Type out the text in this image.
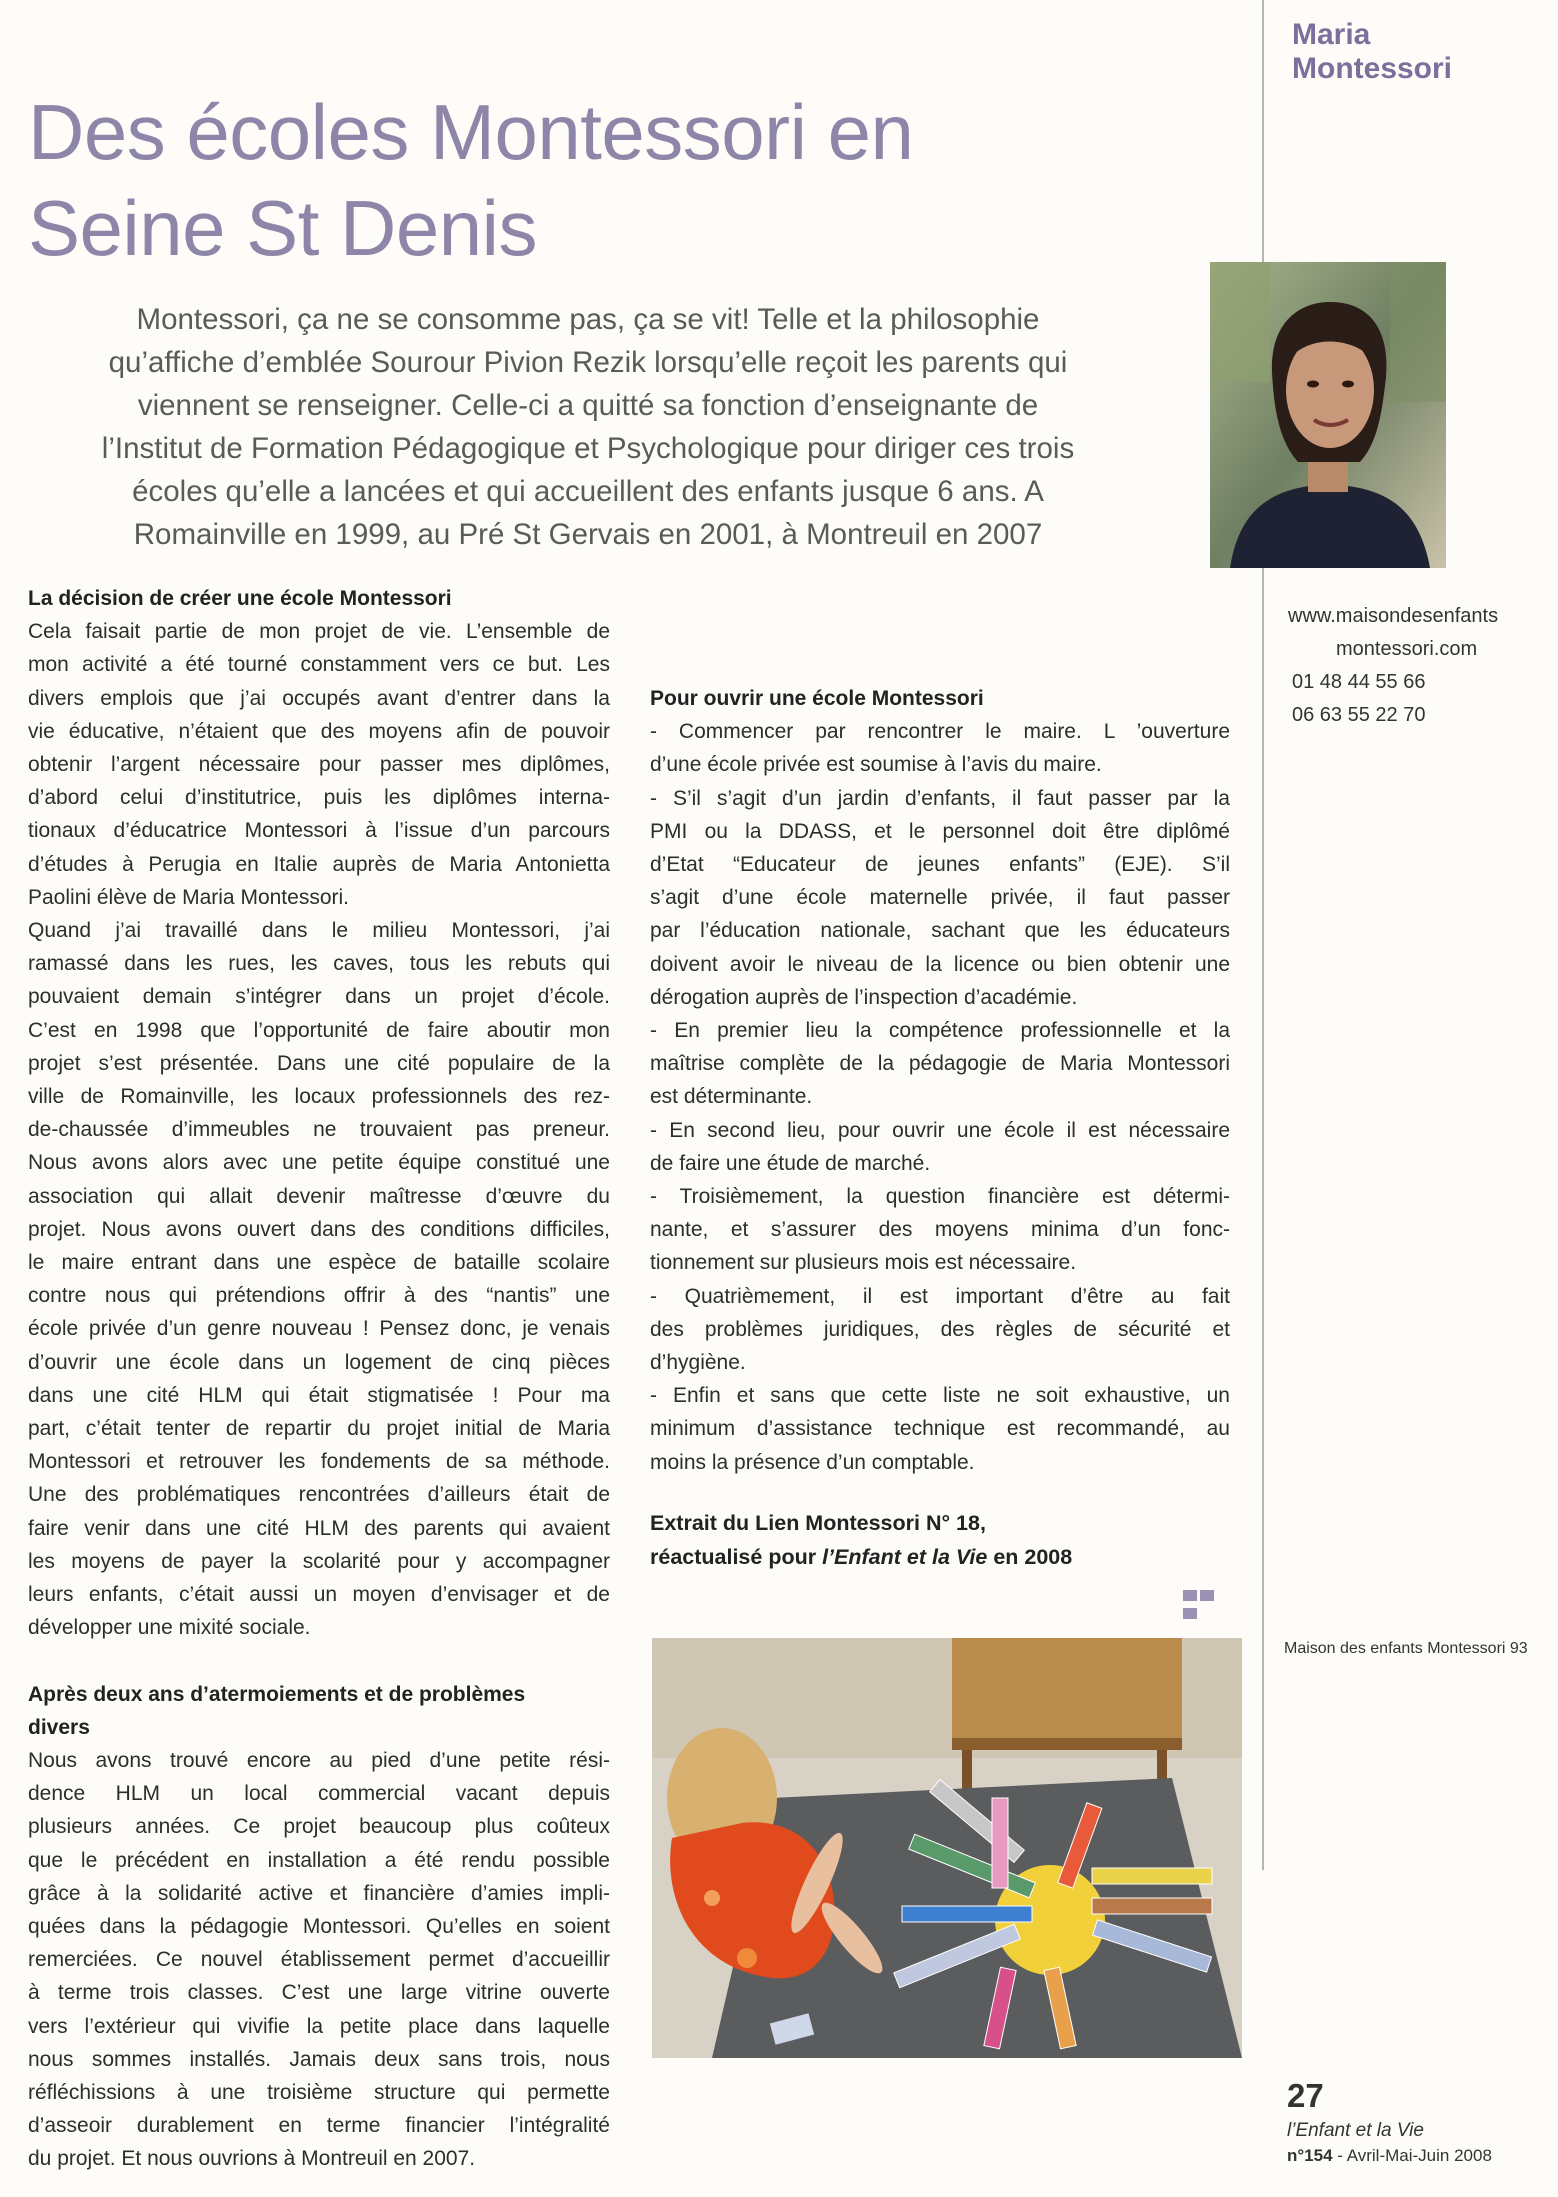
Maria
Montessori
Des écoles Montessori en
Seine St Denis
Montessori, ça ne se consomme pas, ça se vit! Telle et la philosophie
qu’affiche d’emblée Sourour Pivion Rezik lorsqu’elle reçoit les parents qui
viennent se renseigner. Celle-ci a quitté sa fonction d’enseignante de
l’Institut de Formation Pédagogique et Psychologique pour diriger ces trois
écoles qu’elle a lancées et qui accueillent des enfants jusque 6 ans. A
Romainville en 1999, au Pré St Gervais en 2001, à Montreuil en 2007
www.maisondesenfants
montessori.com
01 48 44 55 66
06 63 55 22 70
La décision de créer une école Montessori
Cela faisait partie de mon projet de vie. L’ensemble de
mon activité a été tourné constamment vers ce but. Les
divers emplois que j’ai occupés avant d’entrer dans la
vie éducative, n’étaient que des moyens afin de pouvoir
obtenir l’argent nécessaire pour passer mes diplômes,
d’abord celui d’institutrice, puis les diplômes interna-
tionaux d’éducatrice Montessori à l’issue d’un parcours
d’études à Perugia en Italie auprès de Maria Antonietta
Paolini élève de Maria Montessori.
Quand j’ai travaillé dans le milieu Montessori, j’ai
ramassé dans les rues, les caves, tous les rebuts qui
pouvaient demain s’intégrer dans un projet d’école.
C’est en 1998 que l’opportunité de faire aboutir mon
projet s’est présentée. Dans une cité populaire de la
ville de Romainville, les locaux professionnels des rez-
de-chaussée d’immeubles ne trouvaient pas preneur.
Nous avons alors avec une petite équipe constitué une
association qui allait devenir maîtresse d’œuvre du
projet. Nous avons ouvert dans des conditions difficiles,
le maire entrant dans une espèce de bataille scolaire
contre nous qui prétendions offrir à des “nantis” une
école privée d’un genre nouveau ! Pensez donc, je venais
d’ouvrir une école dans un logement de cinq pièces
dans une cité HLM qui était stigmatisée ! Pour ma
part, c’était tenter de repartir du projet initial de Maria
Montessori et retrouver les fondements de sa méthode.
Une des problématiques rencontrées d’ailleurs était de
faire venir dans une cité HLM des parents qui avaient
les moyens de payer la scolarité pour y accompagner
leurs enfants, c’était aussi un moyen d’envisager et de
développer une mixité sociale.
Après deux ans d’atermoiements et de problèmes
divers
Nous avons trouvé encore au pied d’une petite rési-
dence HLM un local commercial vacant depuis
plusieurs années. Ce projet beaucoup plus coûteux
que le précédent en installation a été rendu possible
grâce à la solidarité active et financière d’amies impli-
quées dans la pédagogie Montessori. Qu’elles en soient
remerciées. Ce nouvel établissement permet d’accueillir
à terme trois classes. C’est une large vitrine ouverte
vers l’extérieur qui vivifie la petite place dans laquelle
nous sommes installés. Jamais deux sans trois, nous
réfléchissions à une troisième structure qui permette
d’asseoir durablement en terme financier l’intégralité
du projet. Et nous ouvrions à Montreuil en 2007.
Pour ouvrir une école Montessori
- Commencer par rencontrer le maire. L ’ouverture
d’une école privée est soumise à l’avis du maire.
- S’il s’agit d’un jardin d’enfants, il faut passer par la
PMI ou la DDASS, et le personnel doit être diplômé
d’Etat “Educateur de jeunes enfants” (EJE). S’il
s’agit d’une école maternelle privée, il faut passer
par l’éducation nationale, sachant que les éducateurs
doivent avoir le niveau de la licence ou bien obtenir une
dérogation auprès de l’inspection d’académie.
- En premier lieu la compétence professionnelle et la
maîtrise complète de la pédagogie de Maria Montessori
est déterminante.
- En second lieu, pour ouvrir une école il est nécessaire
de faire une étude de marché.
- Troisièmement, la question financière est détermi-
nante, et s’assurer des moyens minima d’un fonc-
tionnement sur plusieurs mois est nécessaire.
- Quatrièmement, il est important d’être au fait
des problèmes juridiques, des règles de sécurité et
d’hygiène.
- Enfin et sans que cette liste ne soit exhaustive, un
minimum d’assistance technique est recommandé, au
moins la présence d’un comptable.
Extrait du Lien Montessori N° 18,
réactualisé pour l’Enfant et la Vie en 2008
Maison des enfants Montessori 93
27
l’Enfant et la Vie
n°154 - Avril-Mai-Juin 2008
